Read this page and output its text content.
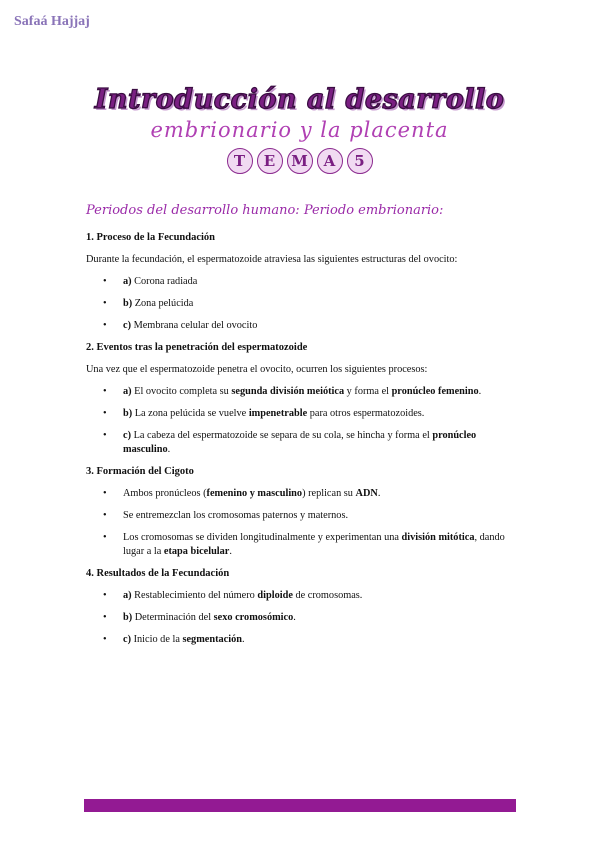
Safaá Hajjaj
Introducción al desarrollo
embrionario y la placenta
T	E	M	A	5
Periodos del desarrollo humano: Periodo embrionario:
1. Proceso de la Fecundación

Durante la fecundación, el espermatozoide atraviesa las siguientes estructuras del ovocito:

• a) Corona radiada
• b) Zona pelúcida
• c) Membrana celular del ovocito
2. Eventos tras la penetración del espermatozoide

Una vez que el espermatozoide penetra el ovocito, ocurren los siguientes procesos:

• a) El ovocito completa su segunda división meiótica y forma el pronúcleo femenino.
• b) La zona pelúcida se vuelve impenetrable para otros espermatozoides.
• c) La cabeza del espermatozoide se separa de su cola, se hincha y forma el pronúcleo masculino.
3. Formación del Cigoto
• Ambos pronúcleos (femenino y masculino) replican su ADN.
• Se entremezclan los cromosomas paternos y maternos.
• Los cromosomas se dividen longitudinalmente y experimentan una división mitótica, dando lugar a la etapa bicelular.
4. Resultados de la Fecundación
• a) Restablecimiento del número diploide de cromosomas.
• b) Determinación del sexo cromosómico.
• c) Inicio de la segmentación.
